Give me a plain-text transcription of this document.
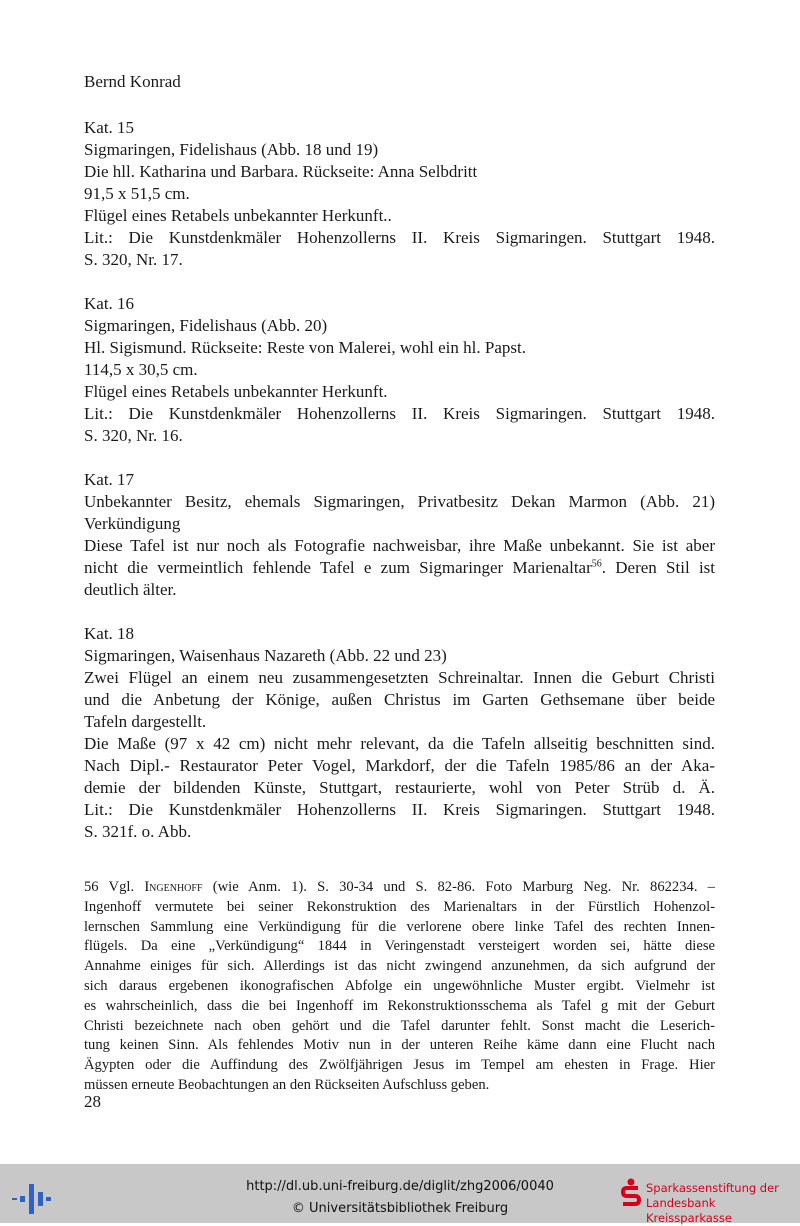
Bernd Konrad
Kat. 15
Sigmaringen, Fidelishaus (Abb. 18 und 19)
Die hll. Katharina und Barbara. Rückseite: Anna Selbdritt
91,5 x 51,5 cm.
Flügel eines Retabels unbekannter Herkunft..
Lit.: Die Kunstdenkmäler Hohenzollerns II. Kreis Sigmaringen. Stuttgart 1948.
S. 320, Nr. 17.
Kat. 16
Sigmaringen, Fidelishaus (Abb. 20)
Hl. Sigismund. Rückseite: Reste von Malerei, wohl ein hl. Papst.
114,5 x 30,5 cm.
Flügel eines Retabels unbekannter Herkunft.
Lit.: Die Kunstdenkmäler Hohenzollerns II. Kreis Sigmaringen. Stuttgart 1948.
S. 320, Nr. 16.
Kat. 17
Unbekannter Besitz, ehemals Sigmaringen, Privatbesitz Dekan Marmon (Abb. 21)
Verkündigung
Diese Tafel ist nur noch als Fotografie nachweisbar, ihre Maße unbekannt. Sie ist aber
nicht die vermeintlich fehlende Tafel e zum Sigmaringer Marienaltar$^{56}$. Deren Stil ist
deutlich älter.
Kat. 18
Sigmaringen, Waisenhaus Nazareth (Abb. 22 und 23)
Zwei Flügel an einem neu zusammengesetzten Schreinaltar. Innen die Geburt Christi
und die Anbetung der Könige, außen Christus im Garten Gethsemane über beide
Tafeln dargestellt.
Die Maße (97 x 42 cm) nicht mehr relevant, da die Tafeln allseitig beschnitten sind.
Nach Dipl.- Restaurator Peter Vogel, Markdorf, der die Tafeln 1985/86 an der Aka-
demie der bildenden Künste, Stuttgart, restaurierte, wohl von Peter Strüb d. Ä.
Lit.: Die Kunstdenkmäler Hohenzollerns II. Kreis Sigmaringen. Stuttgart 1948.
S. 321f. o. Abb.
56 Vgl. Ingenhoff (wie Anm. 1). S. 30-34 und S. 82-86. Foto Marburg Neg. Nr. 862234. –
Ingenhoff vermutete bei seiner Rekonstruktion des Marienaltars in der Fürstlich Hohenzol-
lernschen Sammlung eine Verkündigung für die verlorene obere linke Tafel des rechten Innen-
flügels. Da eine „Verkündigung“ 1844 in Veringenstadt versteigert worden sei, hätte diese
Annahme einiges für sich. Allerdings ist das nicht zwingend anzunehmen, da sich aufgrund der
sich daraus ergebenen ikonografischen Abfolge ein ungewöhnliche Muster ergibt. Vielmehr ist
es wahrscheinlich, dass die bei Ingenhoff im Rekonstruktionsschema als Tafel g mit der Geburt
Christi bezeichnete nach oben gehört und die Tafel darunter fehlt. Sonst macht die Leserich-
tung keinen Sinn. Als fehlendes Motiv nun in der unteren Reihe käme dann eine Flucht nach
Ägypten oder die Auffindung des Zwölfjährigen Jesus im Tempel am ehesten in Frage. Hier
müssen erneute Beobachtungen an den Rückseiten Aufschluss geben.
28
http://dl.ub.uni-freiburg.de/diglit/zhg2006/0040
© Universitätsbibliothek Freiburg
Sparkassenstiftung der
Landesbank Kreissparkasse
